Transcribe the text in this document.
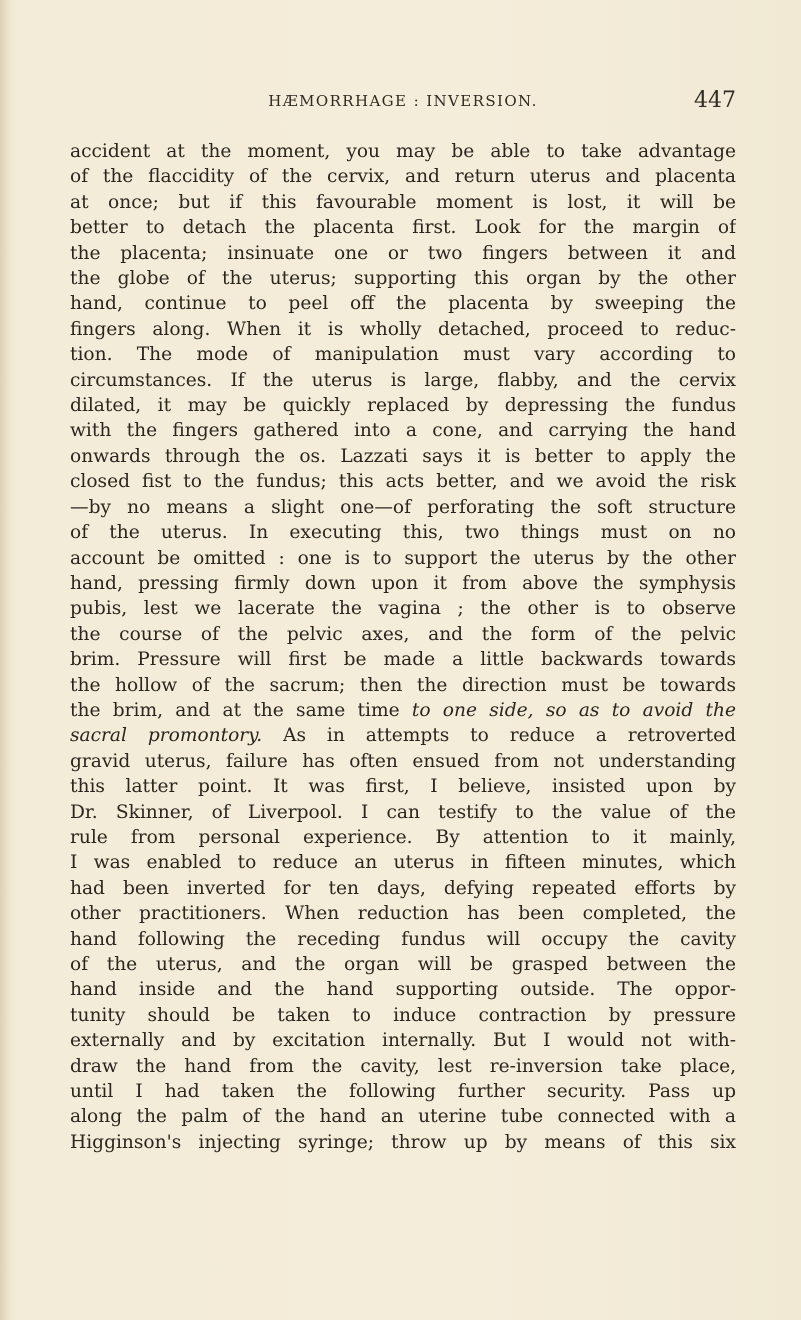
HÆMORRHAGE : INVERSION.	447
accident at the moment, you may be able to take advantage
of the flaccidity of the cervix, and return uterus and placenta
at once; but if this favourable moment is lost, it will be
better to detach the placenta first. Look for the margin of
the placenta; insinuate one or two fingers between it and
the globe of the uterus; supporting this organ by the other
hand, continue to peel off the placenta by sweeping the
fingers along. When it is wholly detached, proceed to reduc-
tion. The mode of manipulation must vary according to
circumstances. If the uterus is large, flabby, and the cervix
dilated, it may be quickly replaced by depressing the fundus
with the fingers gathered into a cone, and carrying the hand
onwards through the os. Lazzati says it is better to apply the
closed fist to the fundus; this acts better, and we avoid the risk
—by no means a slight one—of perforating the soft structure
of the uterus. In executing this, two things must on no
account be omitted : one is to support the uterus by the other
hand, pressing firmly down upon it from above the symphysis
pubis, lest we lacerate the vagina ; the other is to observe
the course of the pelvic axes, and the form of the pelvic
brim. Pressure will first be made a little backwards towards
the hollow of the sacrum; then the direction must be towards
the brim, and at the same time to one side, so as to avoid the
sacral promontory. As in attempts to reduce a retroverted
gravid uterus, failure has often ensued from not understanding
this latter point. It was first, I believe, insisted upon by
Dr. Skinner, of Liverpool. I can testify to the value of the
rule from personal experience. By attention to it mainly,
I was enabled to reduce an uterus in fifteen minutes, which
had been inverted for ten days, defying repeated efforts by
other practitioners. When reduction has been completed, the
hand following the receding fundus will occupy the cavity
of the uterus, and the organ will be grasped between the
hand inside and the hand supporting outside. The oppor-
tunity should be taken to induce contraction by pressure
externally and by excitation internally. But I would not with-
draw the hand from the cavity, lest re-inversion take place,
until I had taken the following further security. Pass up
along the palm of the hand an uterine tube connected with a
Higginson's injecting syringe; throw up by means of this six
